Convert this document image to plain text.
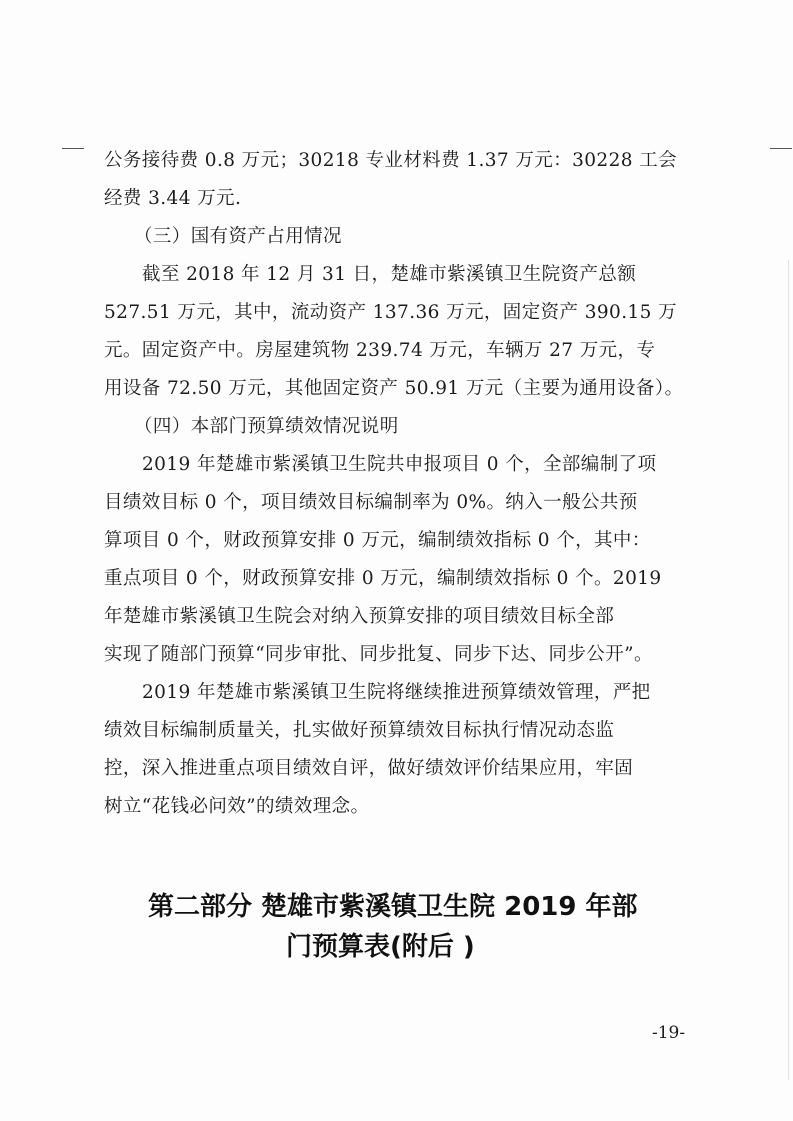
公务接待费 0.8 万元；30218 专业材料费 1.37 万元：30228 工会
经费 3.44 万元.
（三）国有资产占用情况
截至 2018 年 12 月 31 日，楚雄市紫溪镇卫生院资产总额
527.51 万元，其中，流动资产 137.36 万元，固定资产 390.15 万
元。固定资产中。房屋建筑物 239.74 万元，车辆万 27 万元，专
用设备 72.50 万元，其他固定资产 50.91 万元（主要为通用设备）。
（四）本部门预算绩效情况说明
2019 年楚雄市紫溪镇卫生院共申报项目 0 个，全部编制了项
目绩效目标 0 个，项目绩效目标编制率为 0%。纳入一般公共预
算项目 0 个，财政预算安排 0 万元，编制绩效指标 0 个，其中：
重点项目 0 个，财政预算安排 0 万元，编制绩效指标 0 个。2019
年楚雄市紫溪镇卫生院会对纳入预算安排的项目绩效目标全部
实现了随部门预算“同步审批、同步批复、同步下达、同步公开”。
2019 年楚雄市紫溪镇卫生院将继续推进预算绩效管理，严把
绩效目标编制质量关，扎实做好预算绩效目标执行情况动态监
控，深入推进重点项目绩效自评，做好绩效评价结果应用，牢固
树立“花钱必问效”的绩效理念。
第二部分 楚雄市紫溪镇卫生院 2019 年部
门预算表(附后 )
-19-
